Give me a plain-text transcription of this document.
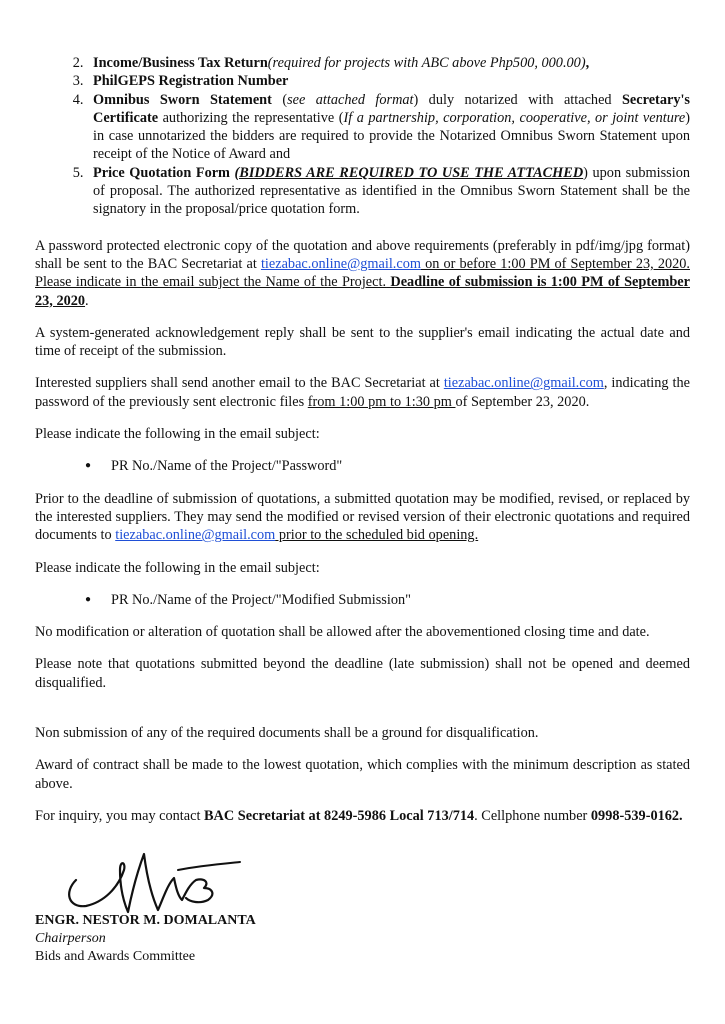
2. Income/Business Tax Return(required for projects with ABC above Php500, 000.00),
3. PhilGEPS Registration Number
4. Omnibus Sworn Statement (see attached format) duly notarized with attached Secretary's Certificate authorizing the representative (If a partnership, corporation, cooperative, or joint venture) in case unnotarized the bidders are required to provide the Notarized Omnibus Sworn Statement upon receipt of the Notice of Award and
5. Price Quotation Form (BIDDERS ARE REQUIRED TO USE THE ATTACHED) upon submission of proposal. The authorized representative as identified in the Omnibus Sworn Statement shall be the signatory in the proposal/price quotation form.

A password protected electronic copy of the quotation and above requirements (preferably in pdf/img/jpg format) shall be sent to the BAC Secretariat at tiezabac.online@gmail.com on or before 1:00 PM of September 23, 2020. Please indicate in the email subject the Name of the Project. Deadline of submission is 1:00 PM of September 23, 2020.

A system-generated acknowledgement reply shall be sent to the supplier's email indicating the actual date and time of receipt of the submission.

Interested suppliers shall send another email to the BAC Secretariat at tiezabac.online@gmail.com, indicating the password of the previously sent electronic files from 1:00 pm to 1:30 pm of September 23, 2020.

Please indicate the following in the email subject:

● PR No./Name of the Project/"Password"

Prior to the deadline of submission of quotations, a submitted quotation may be modified, revised, or replaced by the interested suppliers. They may send the modified or revised version of their electronic quotations and required documents to tiezabac.online@gmail.com prior to the scheduled bid opening.

Please indicate the following in the email subject:

● PR No./Name of the Project/"Modified Submission"

No modification or alteration of quotation shall be allowed after the abovementioned closing time and date.

Please note that quotations submitted beyond the deadline (late submission) shall not be opened and deemed disqualified.

Non submission of any of the required documents shall be a ground for disqualification.

Award of contract shall be made to the lowest quotation, which complies with the minimum description as stated above.

For inquiry, you may contact BAC Secretariat at 8249-5986 Local 713/714. Cellphone number 0998-539-0162.

ENGR. NESTOR M. DOMALANTA
Chairperson
Bids and Awards Committee
